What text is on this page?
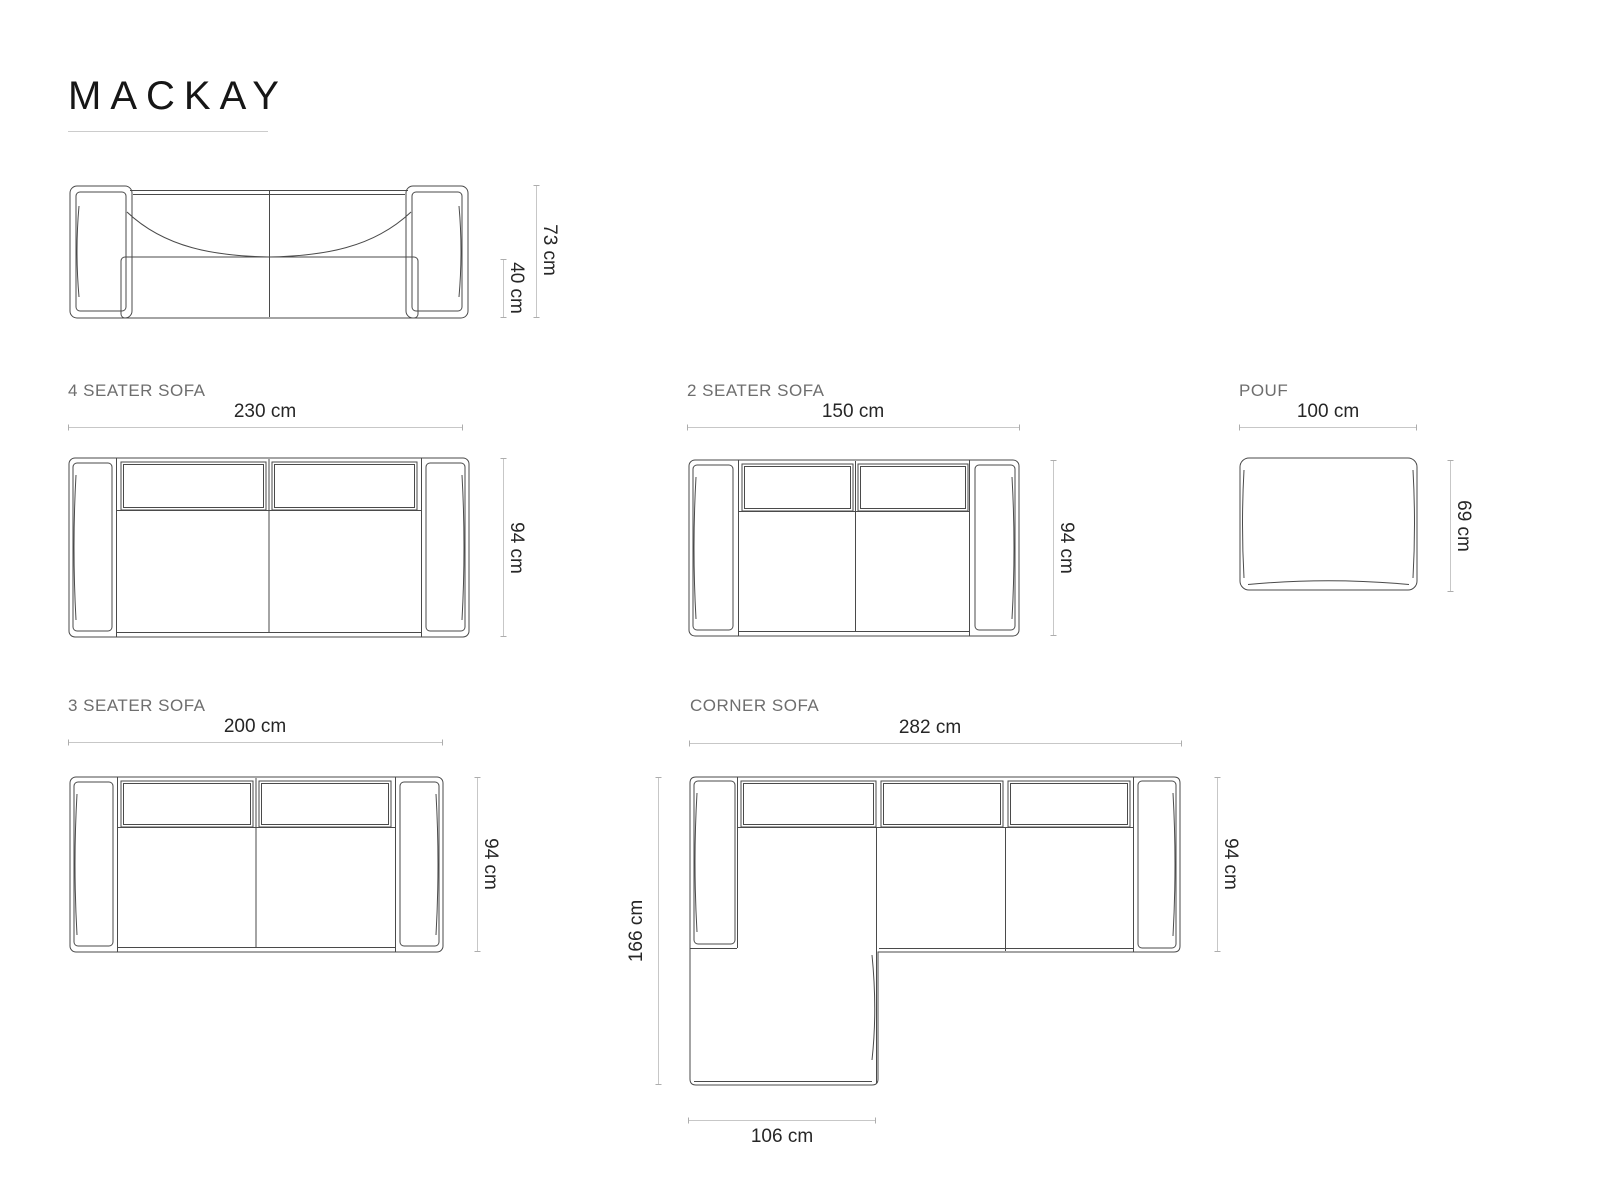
MACKAY
4 SEATER SOFA	2 SEATER SOFA	POUF
3 SEATER SOFA	CORNER SOFA
230 cm	150 cm	100 cm
200 cm	282 cm
106 cm
73 cm
40 cm
94 cm	94 cm	69 cm
94 cm
166 cm
94 cm
